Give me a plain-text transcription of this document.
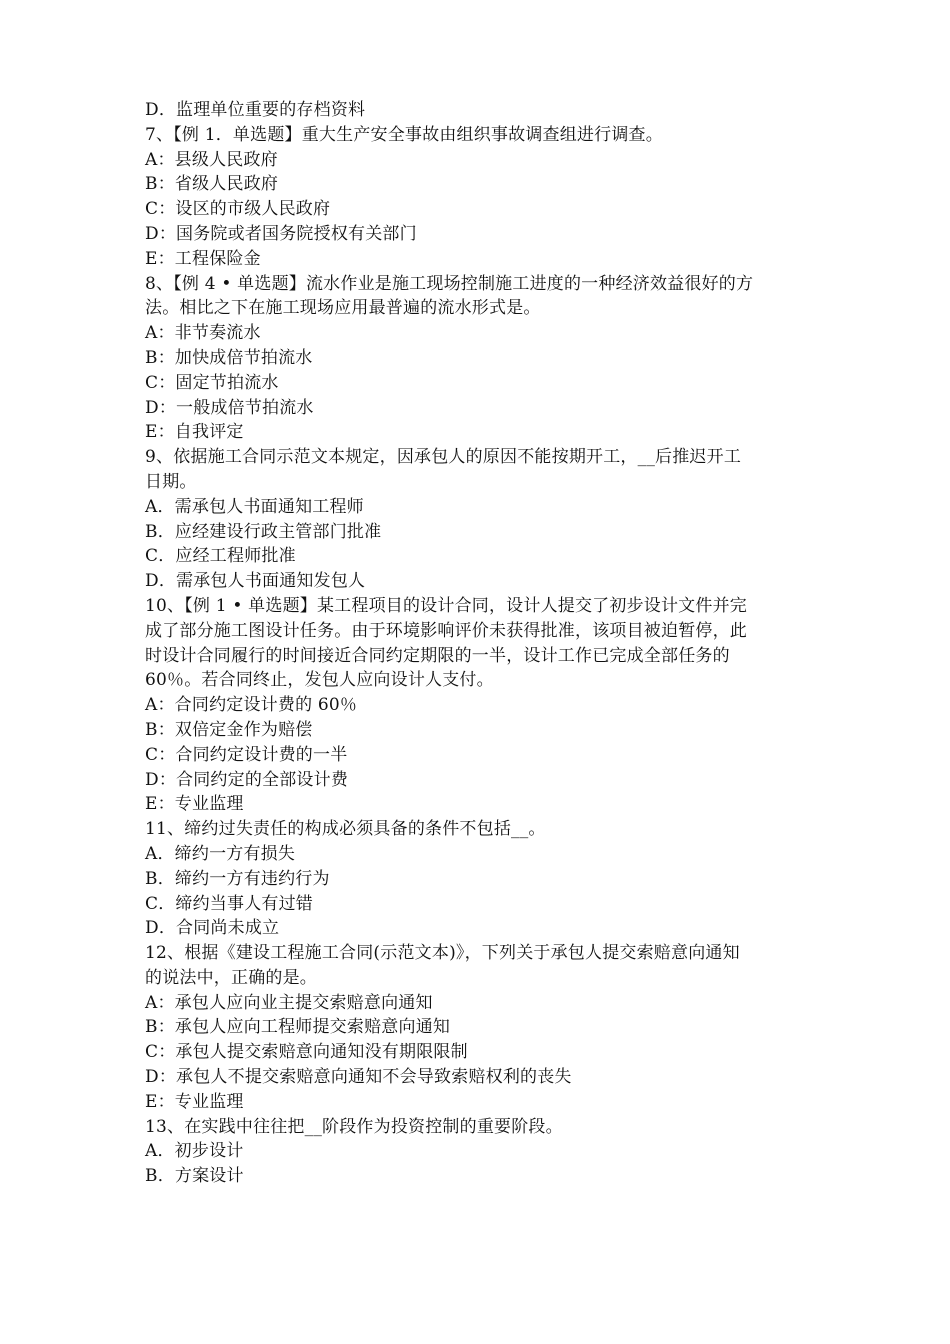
D．监理单位重要的存档资料
7、【例 1．单选题】重大生产安全事故由组织事故调查组进行调查。
A：县级人民政府
B：省级人民政府
C：设区的市级人民政府
D：国务院或者国务院授权有关部门
E：工程保险金
8、【例 4 • 单选题】流水作业是施工现场控制施工进度的一种经济效益很好的方
法。相比之下在施工现场应用最普遍的流水形式是。
A：非节奏流水
B：加快成倍节拍流水
C：固定节拍流水
D：一般成倍节拍流水
E：自我评定
9、依据施工合同示范文本规定，因承包人的原因不能按期开工，__后推迟开工
日期。
A．需承包人书面通知工程师
B．应经建设行政主管部门批准
C．应经工程师批准
D．需承包人书面通知发包人
10、【例 1 • 单选题】某工程项目的设计合同，设计人提交了初步设计文件并完
成了部分施工图设计任务。由于环境影响评价未获得批准，该项目被迫暂停，此
时设计合同履行的时间接近合同约定期限的一半，设计工作已完成全部任务的
60％。若合同终止，发包人应向设计人支付。
A：合同约定设计费的 60％
B：双倍定金作为赔偿
C：合同约定设计费的一半
D：合同约定的全部设计费
E：专业监理
11、缔约过失责任的构成必须具备的条件不包括__。
A．缔约一方有损失
B．缔约一方有违约行为
C．缔约当事人有过错
D．合同尚未成立
12、根据《建设工程施工合同(示范文本)》，下列关于承包人提交索赔意向通知
的说法中，正确的是。
A：承包人应向业主提交索赔意向通知
B：承包人应向工程师提交索赔意向通知
C：承包人提交索赔意向通知没有期限限制
D：承包人不提交索赔意向通知不会导致索赔权利的丧失
E：专业监理
13、在实践中往往把__阶段作为投资控制的重要阶段。
A．初步设计
B．方案设计
